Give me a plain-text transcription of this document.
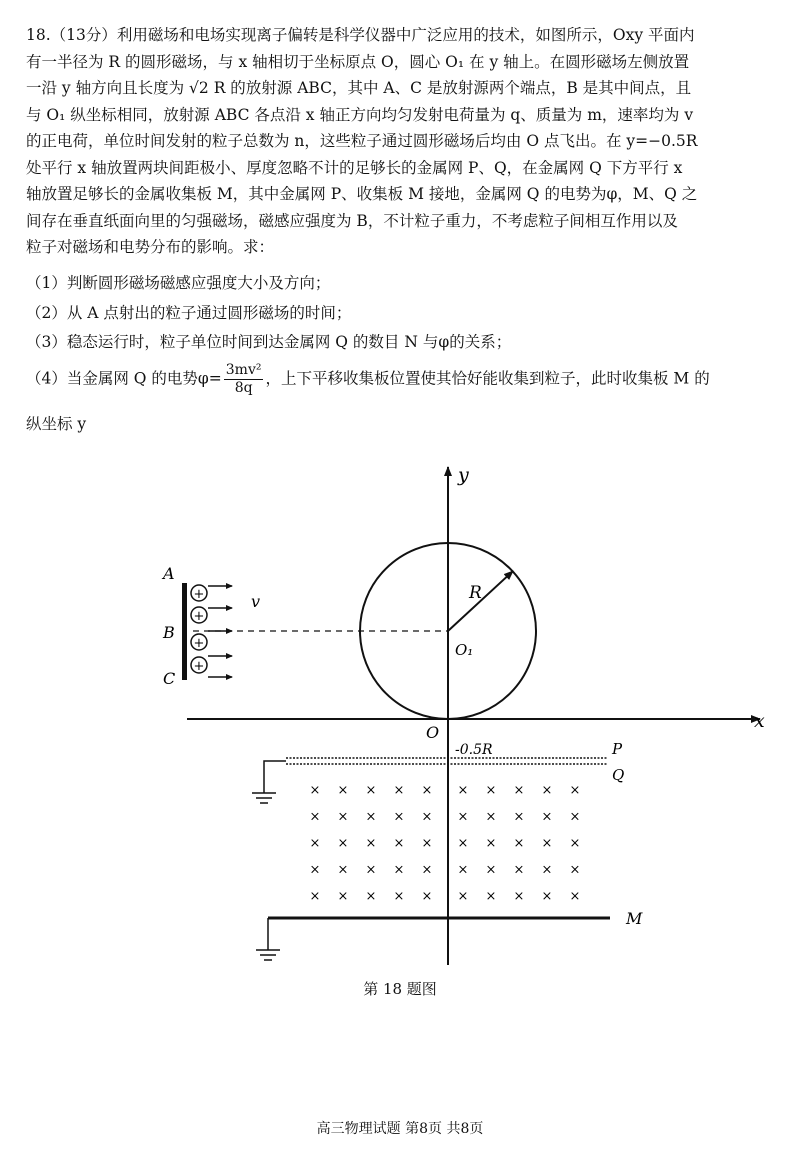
18.（13分）利用磁场和电场实现离子偏转是科学仪器中广泛应用的技术，如图所示，Oxy 平面内
有一半径为 R 的圆形磁场，与 x 轴相切于坐标原点 O，圆心 O₁ 在 y 轴上。在圆形磁场左侧放置
一沿 y 轴方向且长度为 √2 R 的放射源 ABC，其中 A、C 是放射源两个端点，B 是其中间点，且
与 O₁ 纵坐标相同，放射源 ABC 各点沿 x 轴正方向均匀发射电荷量为 q、质量为 m，速率均为 v
的正电荷，单位时间发射的粒子总数为 n，这些粒子通过圆形磁场后均由 O 点飞出。在 y=−0.5R
处平行 x 轴放置两块间距极小、厚度忽略不计的足够长的金属网 P、Q，在金属网 Q 下方平行 x
轴放置足够长的金属收集板 M，其中金属网 P、收集板 M 接地，金属网 Q 的电势为φ，M、Q 之
间存在垂直纸面向里的匀强磁场，磁感应强度为 B，不计粒子重力，不考虑粒子间相互作用以及
粒子对磁场和电势分布的影响。求：
（1）判断圆形磁场磁感应强度大小及方向；
（2）从 A 点射出的粒子通过圆形磁场的时间；
（3）稳态运行时，粒子单位时间到达金属网 Q 的数目 N 与φ的关系；
（4）当金属网 Q 的电势$\varphi= \frac{\text{3mv²}}{8q}$ ，上下平移收集板位置使其恰好能收集到粒子，此时收集板 M 的
纵坐标 y
x
y
O
R
O₁
A
B
C
+
+
+
+
v
-0.5R	P
Q
× × × × × × × × × ×
× × × × × × × × × ×
× × × × × × × × × ×
× × × × × × × × × ×
× × × × × × × × × ×
M
第 18 题图
高三物理试题 第8页 共8页
